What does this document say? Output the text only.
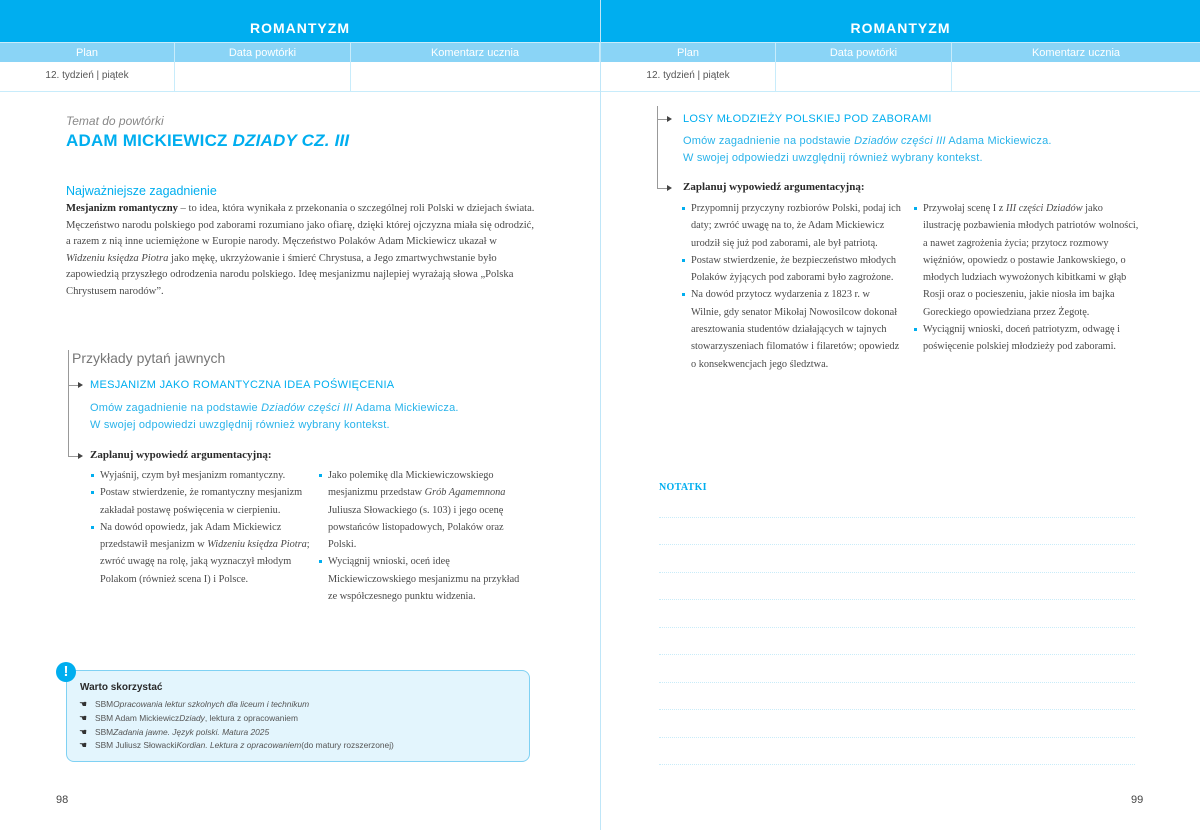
ROMANTYZM
Plan	Data powtórki	Komentarz ucznia
12. tydzień | piątek
Temat do powtórki
ADAM MICKIEWICZ DZIADY CZ. III
Najważniejsze zagadnienie

Mesjanizm romantyczny – to idea, która wynikała z przekonania o szczególnej roli Polski w dziejach świata. Męczeństwo narodu polskiego pod zaborami rozumiano jako ofiarę, dzięki której ojczyzna miała się odrodzić, a razem z nią inne uciemiężone w Europie narody. Męczeństwo Polaków Adam Mickiewicz ukazał w Widzeniu księdza Piotra jako mękę, ukrzyżowanie i śmierć Chrystusa, a Jego zmartwychwstanie było zapowiedzią przyszłego odrodzenia narodu polskiego. Ideę mesjanizmu najlepiej wyrażają słowa „Polska Chrystusem narodów”.

Przykłady pytań jawnych
MESJANIZM JAKO ROMANTYCZNA IDEA POŚWIĘCENIA
Omów zagadnienie na podstawie Dziadów części III Adama Mickiewicza.
W swojej odpowiedzi uwzględnij również wybrany kontekst.
Zaplanuj wypowiedź argumentacyjną:
Wyjaśnij, czym był mesjanizm romantyczny.
Postaw stwierdzenie, że romantyczny mesjanizm zakładał postawę poświęcenia w cierpieniu.
Na dowód opowiedz, jak Adam Mickiewicz przedstawił mesjanizm w Widzeniu księdza Piotra; zwróć uwagę na rolę, jaką wyznaczył młodym Polakom (również scena I) i Polsce.
Jako polemikę dla Mickiewiczowskiego mesjanizmu przedstaw Grób Agamemnona Juliusza Słowackiego (s. 103) i jego ocenę powstańców listopadowych, Polaków oraz Polski.
Wyciągnij wnioski, oceń ideę Mickiewiczowskiego mesjanizmu na przykład ze współczesnego punktu widzenia.
Warto skorzystać
☚ SBM Opracowania lektur szkolnych dla liceum i technikum
☚ SBM Adam Mickiewicz Dziady , lektura z opracowaniem
☚ SBM Zadania jawne. Język polski. Matura 2025
☚ SBM Juliusz Słowacki Kordian. Lektura z opracowaniem (do matury rozszerzonej)
!
98
ROMANTYZM
Plan	Data powtórki	Komentarz ucznia
12. tydzień | piątek
LOSY MŁODZIEŻY POLSKIEJ POD ZABORAMI
Omów zagadnienie na podstawie Dziadów części III Adama Mickiewicza.
W swojej odpowiedzi uwzględnij również wybrany kontekst.
Zaplanuj wypowiedź argumentacyjną:
Przypomnij przyczyny rozbiorów Polski, podaj ich daty; zwróć uwagę na to, że Adam Mickiewicz urodził się już pod zaborami, ale był patriotą.
Postaw stwierdzenie, że bezpieczeństwo młodych Polaków żyjących pod zaborami było zagrożone.
Na dowód przytocz wydarzenia z 1823 r. w Wilnie, gdy senator Mikołaj Nowosilcow dokonał aresztowania studentów działających w tajnych stowarzyszeniach filomatów i filaretów; opowiedz o konsekwencjach jego śledztwa.
Przywołaj scenę I z III części Dziadów jako ilustrację pozbawienia młodych patriotów wolności, a nawet zagrożenia życia; przytocz rozmowy więźniów, opowiedz o postawie Jankowskiego, o młodych ludziach wywożonych kibitkami w głąb Rosji oraz o pocieszeniu, jakie niosła im bajka Goreckiego opowiedziana przez Żegotę.
Wyciągnij wnioski, doceń patriotyzm, odwagę i poświęcenie polskiej młodzieży pod zaborami.
NOTATKI
99
